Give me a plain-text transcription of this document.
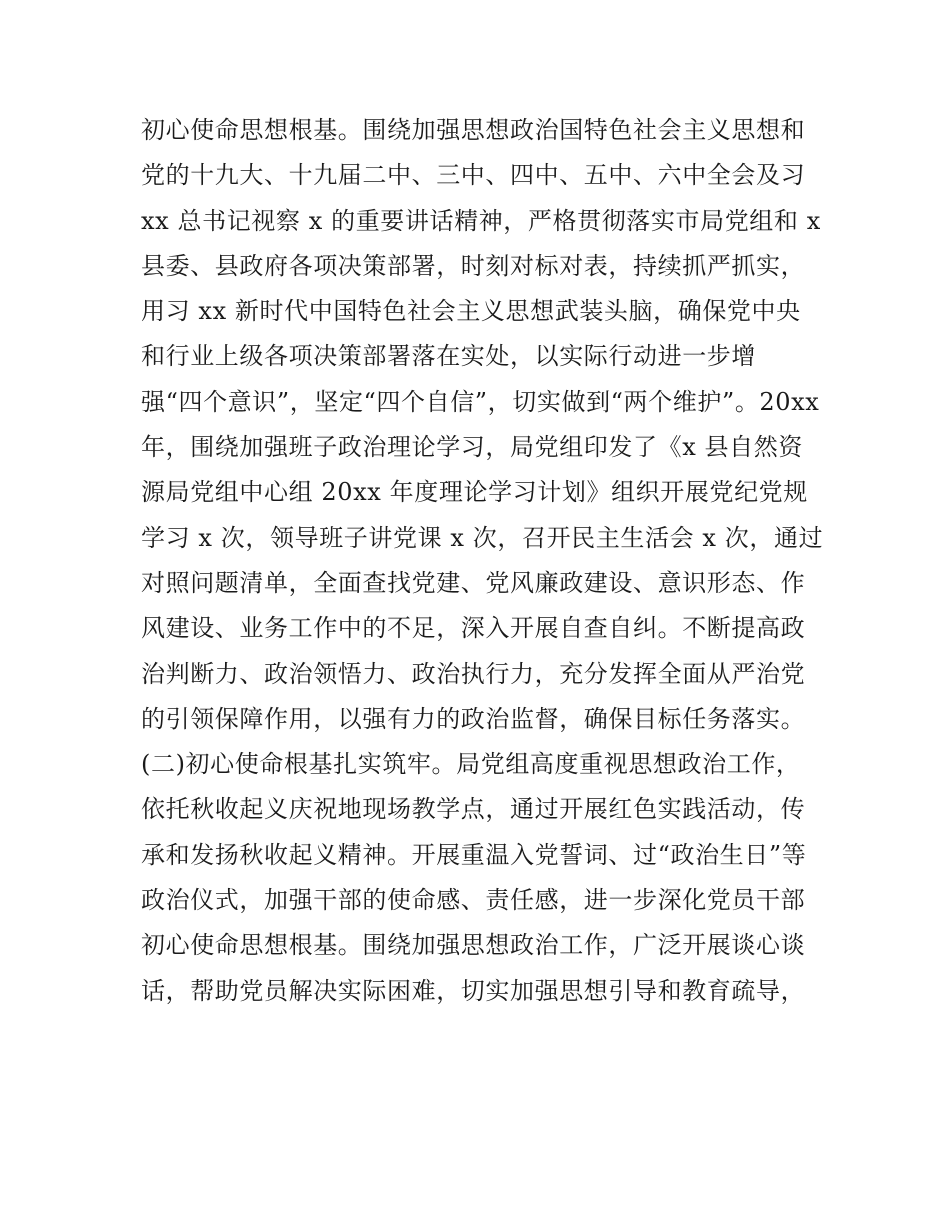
初心使命思想根基。围绕加强思想政治国特色社会主义思想和
党的十九大、十九届二中、三中、四中、五中、六中全会及习
xx 总书记视察 x 的重要讲话精神，严格贯彻落实市局党组和 x
县委、县政府各项决策部署，时刻对标对表，持续抓严抓实，
用习 xx 新时代中国特色社会主义思想武装头脑，确保党中央
和行业上级各项决策部署落在实处，以实际行动进一步增
强“四个意识”，坚定“四个自信”，切实做到“两个维护”。20xx
年，围绕加强班子政治理论学习，局党组印发了《x 县自然资
源局党组中心组 20xx 年度理论学习计划》组织开展党纪党规
学习 x 次，领导班子讲党课 x 次，召开民主生活会 x 次，通过
对照问题清单，全面查找党建、党风廉政建设、意识形态、作
风建设、业务工作中的不足，深入开展自查自纠。不断提高政
治判断力、政治领悟力、政治执行力，充分发挥全面从严治党
的引领保障作用，以强有力的政治监督，确保目标任务落实。
(二)初心使命根基扎实筑牢。局党组高度重视思想政治工作，
依托秋收起义庆祝地现场教学点，通过开展红色实践活动，传
承和发扬秋收起义精神。开展重温入党誓词、过“政治生日”等
政治仪式，加强干部的使命感、责任感，进一步深化党员干部
初心使命思想根基。围绕加强思想政治工作，广泛开展谈心谈
话，帮助党员解决实际困难，切实加强思想引导和教育疏导，
